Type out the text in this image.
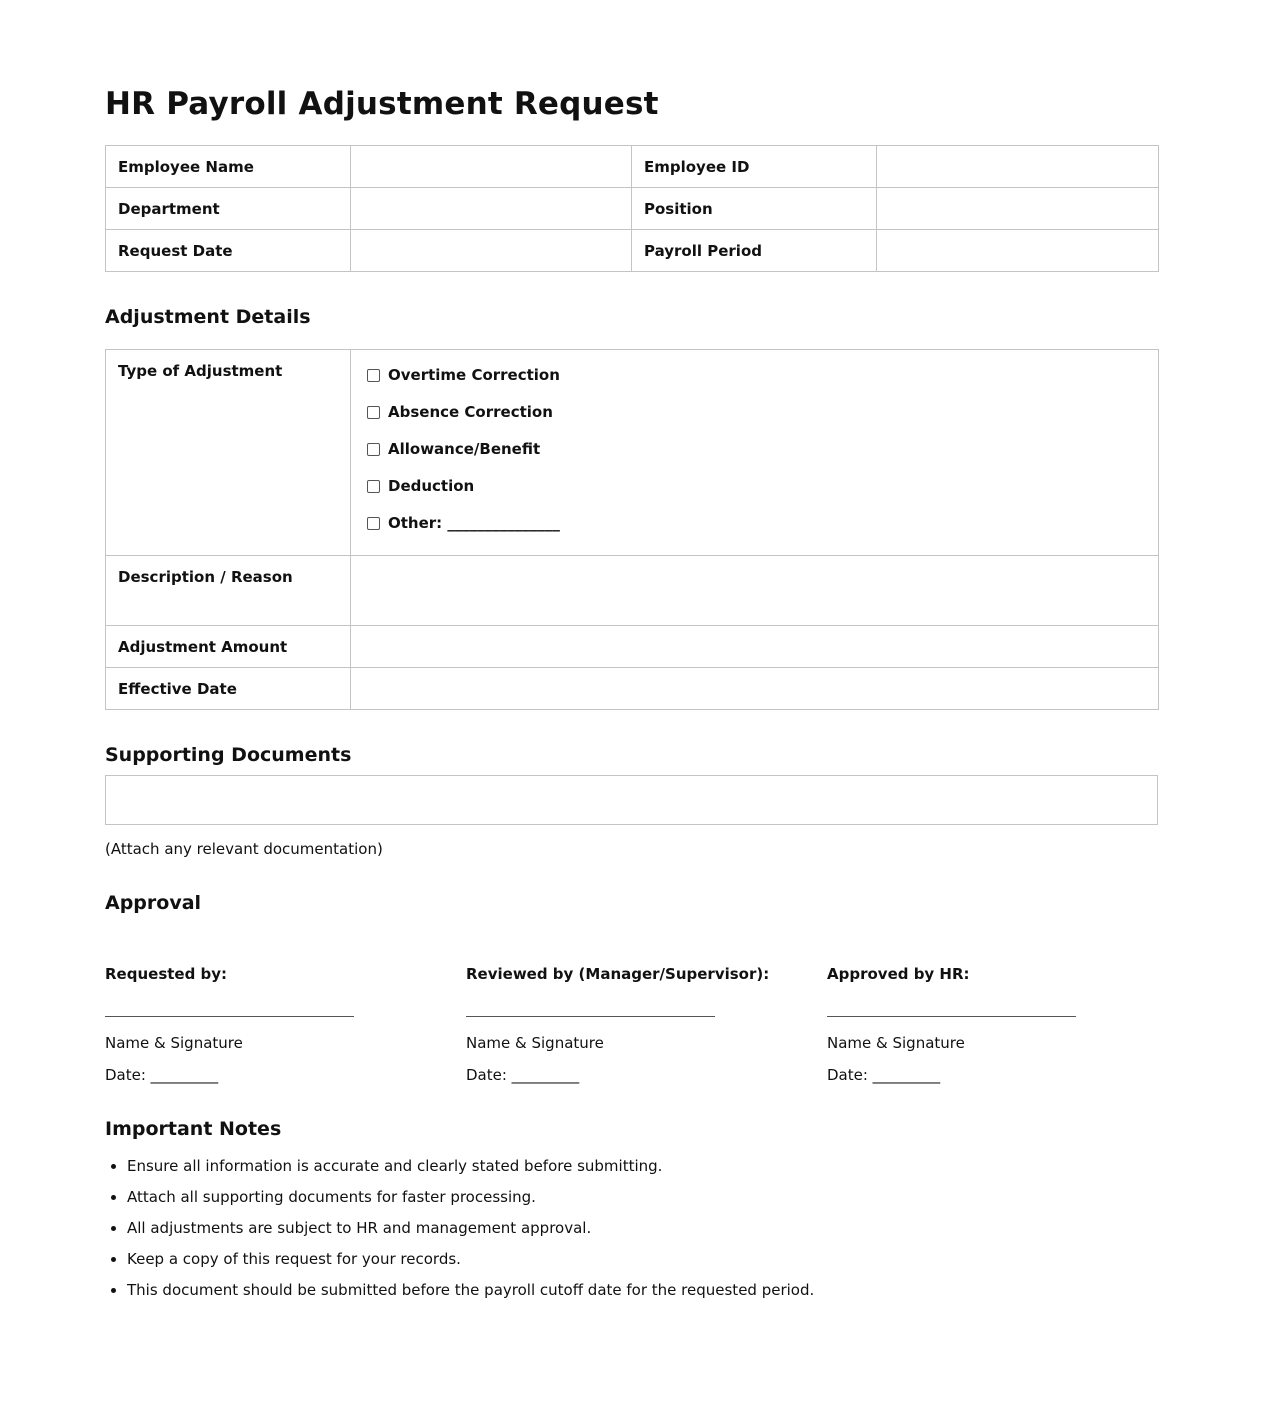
HR Payroll Adjustment Request
Employee Name		Employee ID	
Department		Position	
Request Date		Payroll Period	
Adjustment Details
Type of Adjustment	Overtime Correction
Absence Correction
Allowance/Benefit
Deduction
Other: _______________

Description / Reason	
Adjustment Amount	
Effective Date	
Supporting Documents
(Attach any relevant documentation)
Approval
Requested by:
Name & Signature
Date: _________
Reviewed by (Manager/Supervisor):
Name & Signature
Date: _________
Approved by HR:
Name & Signature
Date: _________
Important Notes
• Ensure all information is accurate and clearly stated before submitting.
• Attach all supporting documents for faster processing.
• All adjustments are subject to HR and management approval.
• Keep a copy of this request for your records.
• This document should be submitted before the payroll cutoff date for the requested period.
